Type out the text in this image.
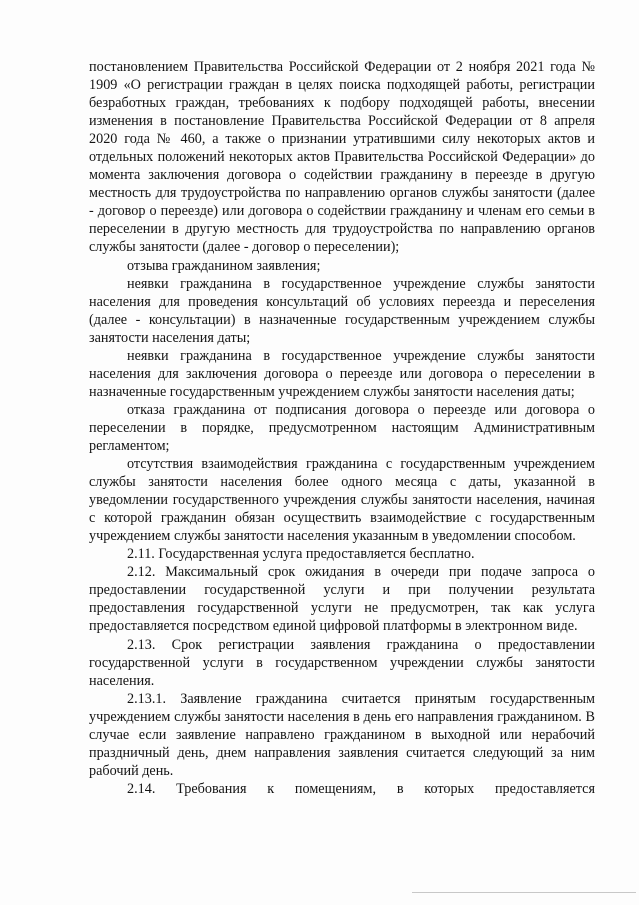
постановлением Правительства Российской Федерации от 2 ноября 2021 года № 1909 «О регистрации граждан в целях поиска подходящей работы, регистрации безработных граждан, требованиях к подбору подходящей работы, внесении изменения в постановление Правительства Российской Федерации от 8 апреля 2020 года № 460, а также о признании утратившими силу некоторых актов и отдельных положений некоторых актов Правительства Российской Федерации» до момента заключения договора о содействии гражданину в переезде в другую местность для трудоустройства по направлению органов службы занятости (далее - договор о переезде) или договора о содействии гражданину и членам его семьи в переселении в другую местность для трудоустройства по направлению органов службы занятости (далее - договор о переселении);

отзыва гражданином заявления;

неявки гражданина в государственное учреждение службы занятости населения для проведения консультаций об условиях переезда и переселения (далее - консультации) в назначенные государственным учреждением службы занятости населения даты;

неявки гражданина в государственное учреждение службы занятости населения для заключения договора о переезде или договора о переселении в назначенные государственным учреждением службы занятости населения даты;

отказа гражданина от подписания договора о переезде или договора о переселении в порядке, предусмотренном настоящим Административным регламентом;

отсутствия взаимодействия гражданина с государственным учреждением службы занятости населения более одного месяца с даты, указанной в уведомлении государственного учреждения службы занятости населения, начиная с которой гражданин обязан осуществить взаимодействие с государственным учреждением службы занятости населения указанным в уведомлении способом.

2.11. Государственная услуга предоставляется бесплатно.

2.12. Максимальный срок ожидания в очереди при подаче запроса о предоставлении государственной услуги и при получении результата предоставления государственной услуги не предусмотрен, так как услуга предоставляется посредством единой цифровой платформы в электронном виде.

2.13. Срок регистрации заявления гражданина о предоставлении государственной услуги в государственном учреждении службы занятости населения.

2.13.1. Заявление гражданина считается принятым государственным учреждением службы занятости населения в день его направления гражданином. В случае если заявление направлено гражданином в выходной или нерабочий праздничный день, днем направления заявления считается следующий за ним рабочий день.

2.14. Требования к помещениям, в которых предоставляется
